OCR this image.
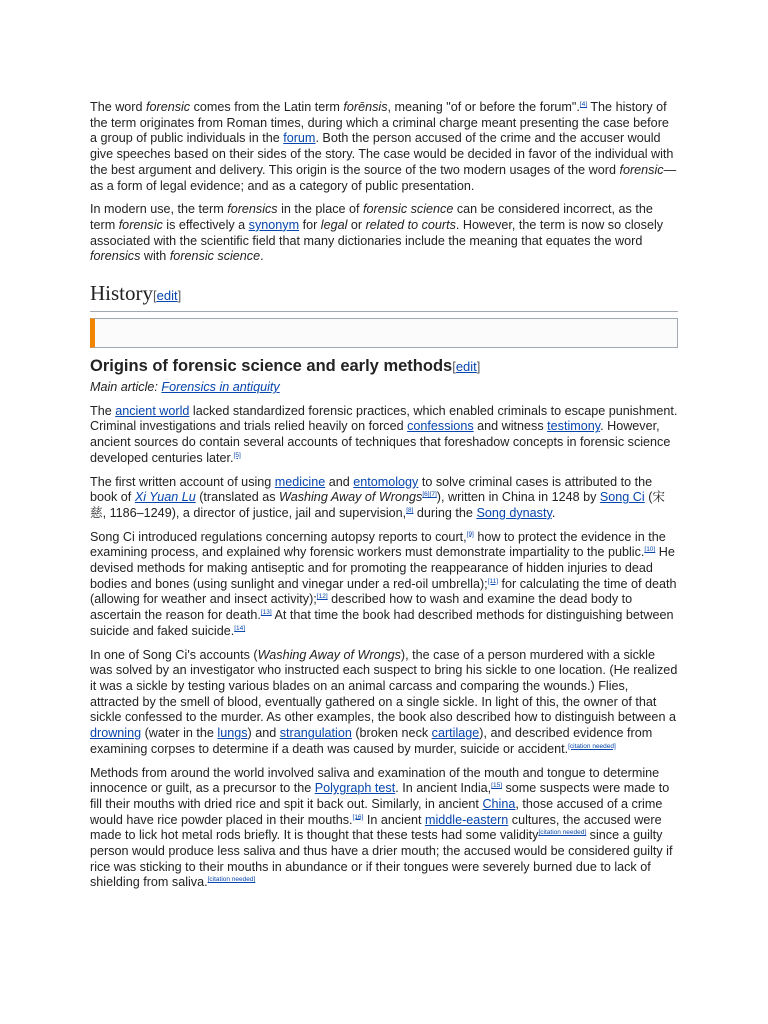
The word forensic comes from the Latin term forēnsis, meaning "of or before the forum".[4] The history of the term originates from Roman times, during which a criminal charge meant presenting the case before a group of public individuals in the forum. Both the person accused of the crime and the accuser would give speeches based on their sides of the story. The case would be decided in favor of the individual with the best argument and delivery. This origin is the source of the two modern usages of the word forensic—as a form of legal evidence; and as a category of public presentation.

In modern use, the term forensics in the place of forensic science can be considered incorrect, as the term forensic is effectively a synonym for legal or related to courts. However, the term is now so closely associated with the scientific field that many dictionaries include the meaning that equates the word forensics with forensic science.

History[edit]
Origins of forensic science and early methods[edit]
Main article: Forensics in antiquity

The ancient world lacked standardized forensic practices, which enabled criminals to escape punishment. Criminal investigations and trials relied heavily on forced confessions and witness testimony. However, ancient sources do contain several accounts of techniques that foreshadow concepts in forensic science developed centuries later.[5]

The first written account of using medicine and entomology to solve criminal cases is attributed to the book of Xi Yuan Lu (translated as Washing Away of Wrongs[6][7]), written in China in 1248 by Song Ci (宋慈, 1186–1249), a director of justice, jail and supervision,[8] during the Song dynasty.

Song Ci introduced regulations concerning autopsy reports to court,[9] how to protect the evidence in the examining process, and explained why forensic workers must demonstrate impartiality to the public.[10] He devised methods for making antiseptic and for promoting the reappearance of hidden injuries to dead bodies and bones (using sunlight and vinegar under a red-oil umbrella);[11] for calculating the time of death (allowing for weather and insect activity);[12] described how to wash and examine the dead body to ascertain the reason for death.[13] At that time the book had described methods for distinguishing between suicide and faked suicide.[14]

In one of Song Ci's accounts (Washing Away of Wrongs), the case of a person murdered with a sickle was solved by an investigator who instructed each suspect to bring his sickle to one location. (He realized it was a sickle by testing various blades on an animal carcass and comparing the wounds.) Flies, attracted by the smell of blood, eventually gathered on a single sickle. In light of this, the owner of that sickle confessed to the murder. As other examples, the book also described how to distinguish between a drowning (water in the lungs) and strangulation (broken neck cartilage), and described evidence from examining corpses to determine if a death was caused by murder, suicide or accident.[citation needed]

Methods from around the world involved saliva and examination of the mouth and tongue to determine innocence or guilt, as a precursor to the Polygraph test. In ancient India,[15] some suspects were made to fill their mouths with dried rice and spit it back out. Similarly, in ancient China, those accused of a crime would have rice powder placed in their mouths.[16] In ancient middle-eastern cultures, the accused were made to lick hot metal rods briefly. It is thought that these tests had some validity[citation needed] since a guilty person would produce less saliva and thus have a drier mouth; the accused would be considered guilty if rice was sticking to their mouths in abundance or if their tongues were severely burned due to lack of shielding from saliva.[citation needed]
